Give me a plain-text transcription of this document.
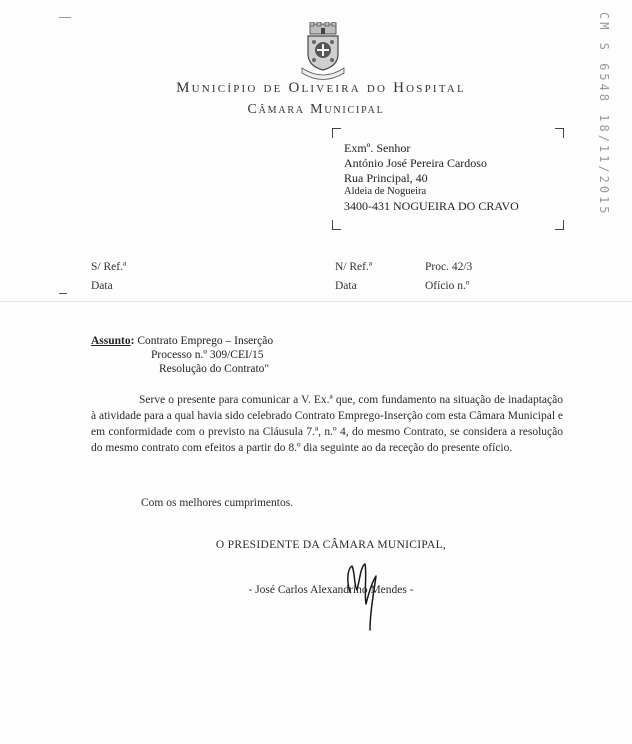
CM S 6548 18/11/2015
Município de Oliveira do Hospital
Câmara Municipal
Exmº. Senhor
António José Pereira Cardoso
Rua Principal, 40
Aldeia de Nogueira
3400-431 NOGUEIRA DO CRAVO
S/ Ref.ª
Data
N/ Ref.ª
Data
Proc. 42/3
Ofício n.º
Assunto: Contrato Emprego – Inserção
Processo n.º 309/CEI/15
Resolução do Contrato"

Serve o presente para comunicar a V. Ex.ª que, com fundamento na situação de inadaptação à atividade para a qual havia sido celebrado Contrato Emprego-Inserção com esta Câmara Municipal e em conformidade com o previsto na Cláusula 7.ª, n.º 4, do mesmo Contrato, se considera a resolução do mesmo contrato com efeitos a partir do 8.º dia seguinte ao da receção do presente ofício.

Com os melhores cumprimentos.
O PRESIDENTE DA CÂMARA MUNICIPAL,
- José Carlos Alexandrino Mendes -
